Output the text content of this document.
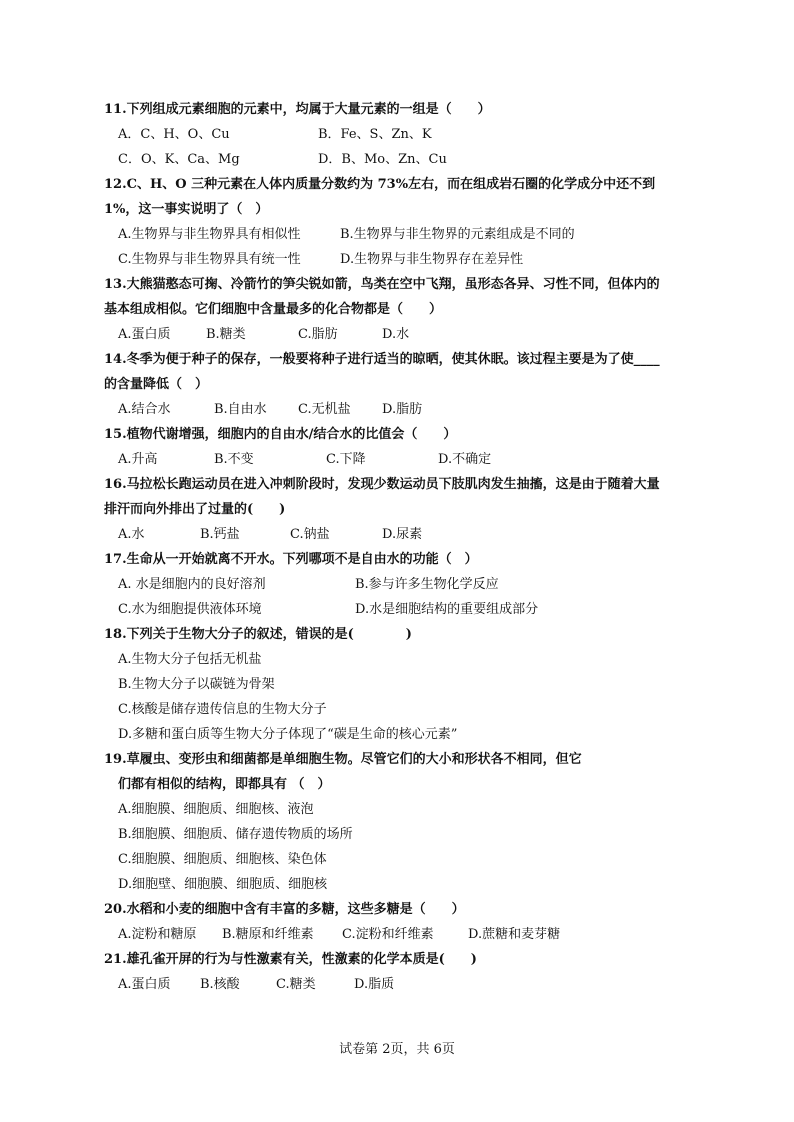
11.下列组成元素细胞的元素中，均属于大量元素的一组是（　　）
A．C、H、O、Cu	B．Fe、S、Zn、K
C．O、K、Ca、Mg	D．B、Mo、Zn、Cu
12.C、H、O 三种元素在人体内质量分数约为 73%左右，而在组成岩石圈的化学成分中还不到
1%，这一事实说明了（　）
A.生物界与非生物界具有相似性	B.生物界与非生物界的元素组成是不同的
C.生物界与非生物界具有统一性	D.生物界与非生物界存在差异性
13.大熊猫憨态可掬、冷箭竹的笋尖锐如箭，鸟类在空中飞翔，虽形态各异、习性不同，但体内的
基本组成相似。它们细胞中含量最多的化合物都是（　　）
A.蛋白质	B.糖类	C.脂肪	D.水
14.冬季为便于种子的保存，一般要将种子进行适当的晾晒，使其休眠。该过程主要是为了使____
的含量降低（　）
A.结合水	B.自由水 C.无机盐 D.脂肪
15.植物代谢增强，细胞内的自由水/结合水的比值会（　　）
A.升高	B.不变	C.下降	D.不确定
16.马拉松长跑运动员在进入冲刺阶段时，发现少数运动员下肢肌肉发生抽搐，这是由于随着大量
排汗而向外排出了过量的(　　)
A.水	B.钙盐	C.钠盐	D.尿素
17.生命从一开始就离不开水。下列哪项不是自由水的功能（　）
A. 水是细胞内的良好溶剂	B.参与许多生物化学反应
C.水为细胞提供液体环境	D.水是细胞结构的重要组成部分
18.下列关于生物大分子的叙述，错误的是(　　　　)
A.生物大分子包括无机盐
B.生物大分子以碳链为骨架
C.核酸是储存遗传信息的生物大分子
D.多糖和蛋白质等生物大分子体现了“碳是生命的核心元素”
19.草履虫、变形虫和细菌都是单细胞生物。尽管它们的大小和形状各不相同，但它
们都有相似的结构，即都具有 （　）
A.细胞膜、细胞质、细胞核、液泡
B.细胞膜、细胞质、储存遗传物质的场所
C.细胞膜、细胞质、细胞核、染色体
D.细胞壁、细胞膜、细胞质、细胞核
20.水稻和小麦的细胞中含有丰富的多糖，这些多糖是（　　）
A.淀粉和糖原 B.糖原和纤维素 C.淀粉和纤维素	D.蔗糖和麦芽糖
21.雄孔雀开屏的行为与性激素有关，性激素的化学本质是(　　)
A.蛋白质 B.核酸	C.糖类	D.脂质
试卷第 2页，共 6页
